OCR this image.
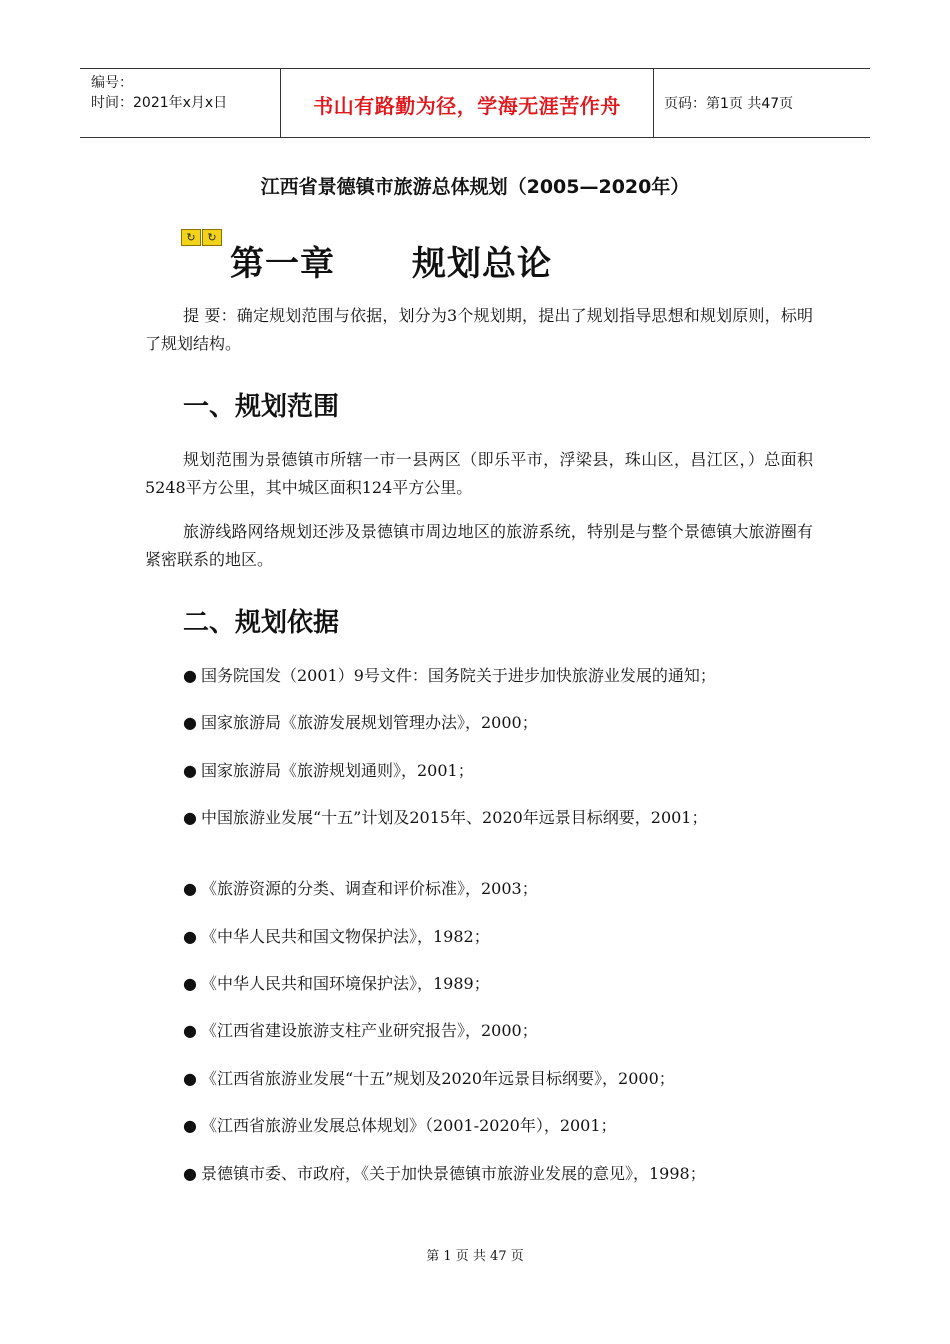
编号：
时间：2021年x月x日	书山有路勤为径，学海无涯苦作舟	页码：第1页 共47页
江西省景德镇市旅游总体规划（2005—2020年）
↻	↻
第一章      规划总论
提 要：确定规划范围与依据，划分为3个规划期，提出了规划指导思想和规划原则，标明了规划结构。
一、规划范围
规划范围为景德镇市所辖一市一县两区（即乐平市，浮梁县，珠山区，昌江区，）总面积5248平方公里，其中城区面积124平方公里。
旅游线路网络规划还涉及景德镇市周边地区的旅游系统，特别是与整个景德镇大旅游圈有紧密联系的地区。
二、规划依据
● 国务院国发（2001）9号文件：国务院关于进步加快旅游业发展的通知；
● 国家旅游局《旅游发展规划管理办法》，2000；
● 国家旅游局《旅游规划通则》，2001；
● 中国旅游业发展“十五”计划及2015年、2020年远景目标纲要，2001；
● 《旅游资源的分类、调查和评价标准》，2003；
● 《中华人民共和国文物保护法》，1982；
● 《中华人民共和国环境保护法》，1989；
● 《江西省建设旅游支柱产业研究报告》，2000；
● 《江西省旅游业发展“十五”规划及2020年远景目标纲要》，2000；
● 《江西省旅游业发展总体规划》（2001-2020年），2001；
● 景德镇市委、市政府，《关于加快景德镇市旅游业发展的意见》，1998；
第 1 页 共 47 页
